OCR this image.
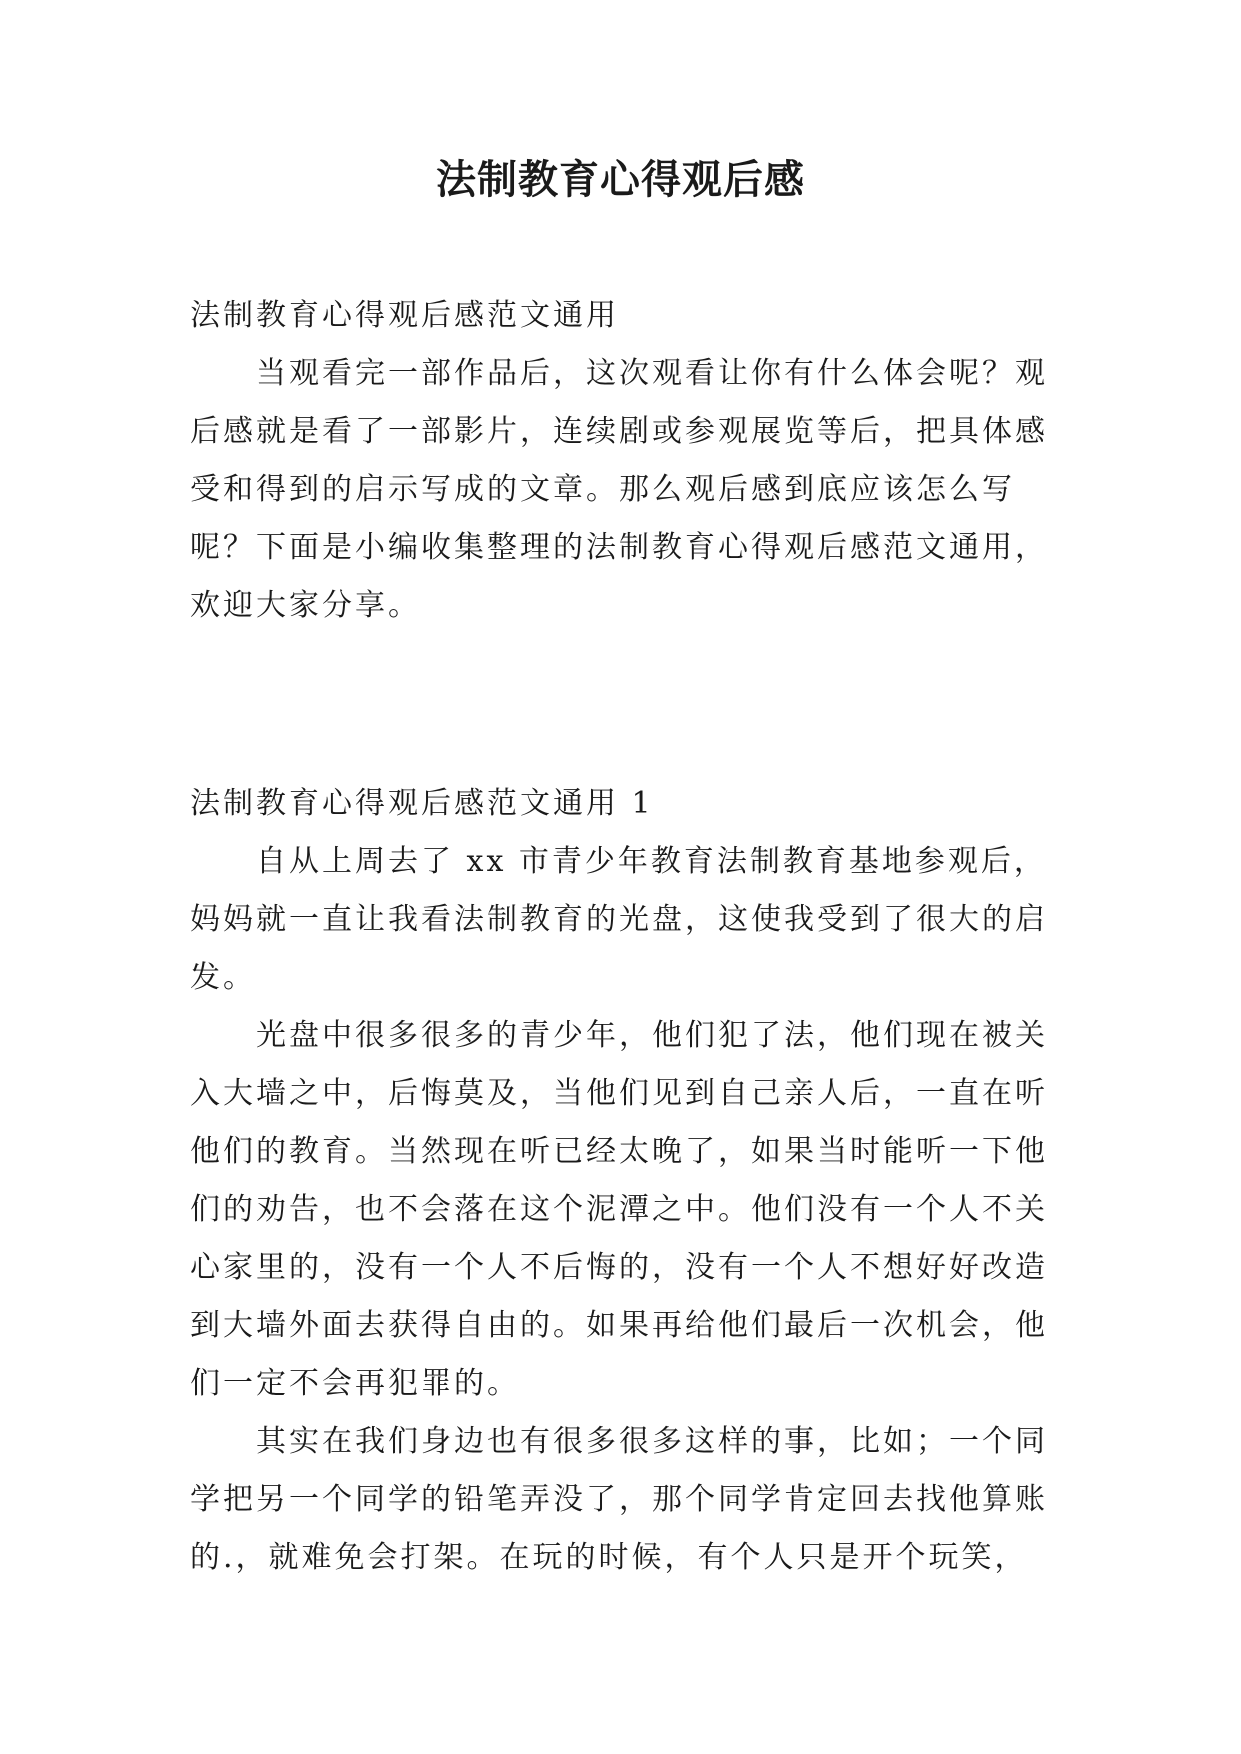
法制教育心得观后感
法制教育心得观后感范文通用
当观看完一部作品后，这次观看让你有什么体会呢？观
后感就是看了一部影片，连续剧或参观展览等后，把具体感
受和得到的启示写成的文章。那么观后感到底应该怎么写
呢？下面是小编收集整理的法制教育心得观后感范文通用，
欢迎大家分享。
法制教育心得观后感范文通用 1
自从上周去了 xx 市青少年教育法制教育基地参观后，
妈妈就一直让我看法制教育的光盘，这使我受到了很大的启
发。
光盘中很多很多的青少年，他们犯了法，他们现在被关
入大墙之中，后悔莫及，当他们见到自己亲人后，一直在听
他们的教育。当然现在听已经太晚了，如果当时能听一下他
们的劝告，也不会落在这个泥潭之中。他们没有一个人不关
心家里的，没有一个人不后悔的，没有一个人不想好好改造
到大墙外面去获得自由的。如果再给他们最后一次机会，他
们一定不会再犯罪的。
其实在我们身边也有很多很多这样的事，比如；一个同
学把另一个同学的铅笔弄没了，那个同学肯定回去找他算账
的.，就难免会打架。在玩的时候，有个人只是开个玩笑，
